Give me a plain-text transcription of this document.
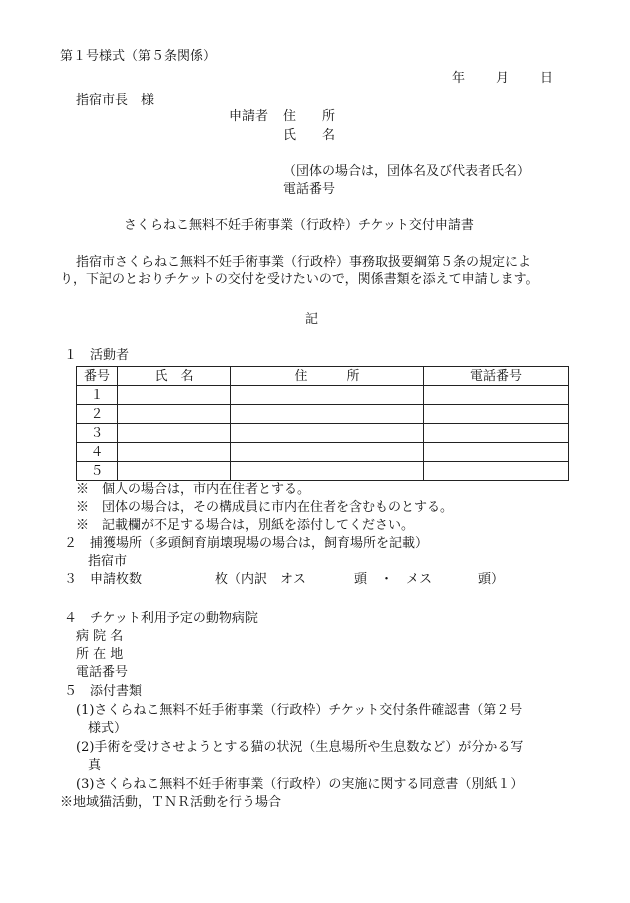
第１号様式（第５条関係）
年 月 日
指宿市長　様
申請者 住　　所
氏　　名
（団体の場合は，団体名及び代表者氏名）
電話番号
さくらねこ無料不妊手術事業（行政枠）チケット交付申請書
指宿市さくらねこ無料不妊手術事業（行政枠）事務取扱要綱第５条の規定によ
り，下記のとおりチケットの交付を受けたいので，関係書類を添えて申請します。
記
１　活動者
番号	氏　名	住　　　所	電話番号
１			
２			
３			
４			
５			
※　個人の場合は，市内在住者とする。
※　団体の場合は，その構成員に市内在住者を含むものとする。
※　記載欄が不足する場合は，別紙を添付してください。
２　捕獲場所（多頭飼育崩壊現場の場合は，飼育場所を記載）
指宿市
３　申請枚数	枚（内訳　オス	頭　・　メス	頭）
４　チケット利用予定の動物病院
病 院 名
所 在 地
電話番号
５　添付書類
(1)さくらねこ無料不妊手術事業（行政枠）チケット交付条件確認書（第２号
様式）
(2)手術を受けさせようとする猫の状況（生息場所や生息数など）が分かる写
真
(3)さくらねこ無料不妊手術事業（行政枠）の実施に関する同意書（別紙１）
※地域猫活動，ＴＮＲ活動を行う場合
